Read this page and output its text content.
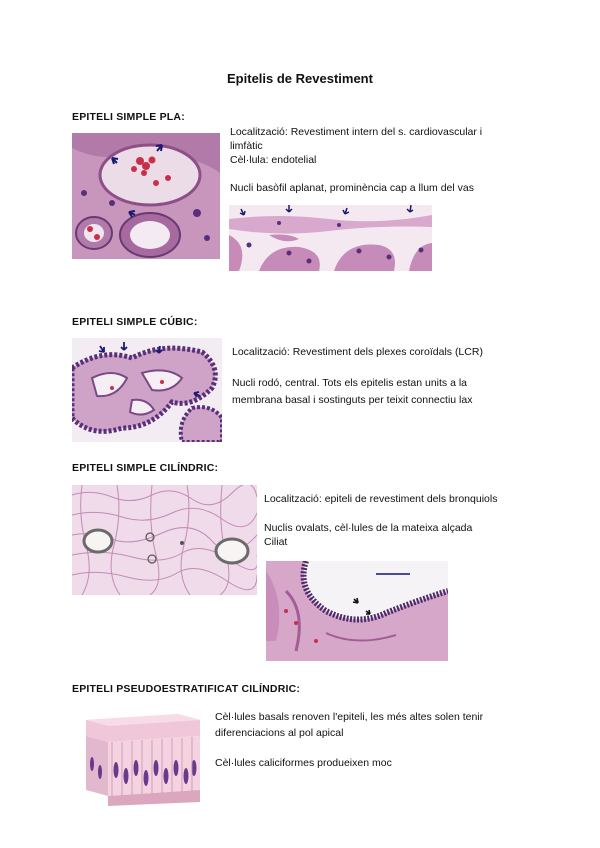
Epitelis de Revestiment
EPITELI SIMPLE PLA:

Localització: Revestiment intern del s. cardiovascular i

limfàtic

Cèl·lula: endotelial

Nucli basòfil aplanat, prominència cap a llum del vas

EPITELI SIMPLE CÚBIC:

Localització: Revestiment dels plexes coroïdals (LCR)

Nucli rodó, central. Tots els epitelis estan units a la

membrana basal i sostinguts per teixit connectiu lax

EPITELI SIMPLE CILÍNDRIC:

Localització: epiteli de revestiment dels bronquiols

Nuclis ovalats, cèl·lules de la mateixa alçada

Ciliat

EPITELI PSEUDOESTRATIFICAT CILÍNDRIC:

Cèl·lules basals renoven l'epiteli, les més altes solen tenir

diferenciacions al pol apical

Cèl·lules caliciformes produeixen moc
